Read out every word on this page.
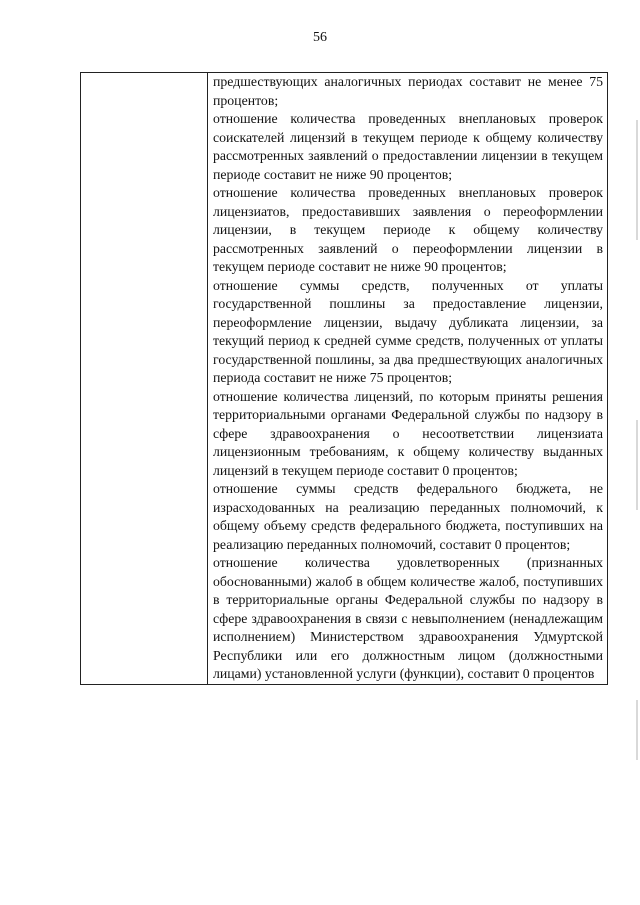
56

предшествующих аналогичных периодах составит не менее 75 процентов;

отношение количества проведенных внеплановых проверок соискателей лицензий в текущем периоде к общему количеству рассмотренных заявлений о предоставлении лицензии в текущем периоде составит не ниже 90 процентов;

отношение количества проведенных внеплановых проверок лицензиатов, предоставивших заявления о переоформлении лицензии, в текущем периоде к общему количеству рассмотренных заявлений о переоформлении лицензии в текущем периоде составит не ниже 90 процентов;

отношение суммы средств, полученных от уплаты государственной пошлины за предоставление лицензии, переоформление лицензии, выдачу дубликата лицензии, за текущий период к средней сумме средств, полученных от уплаты государственной пошлины, за два предшествующих аналогичных периода составит не ниже 75 процентов;

отношение количества лицензий, по которым приняты решения территориальными органами Федеральной службы по надзору в сфере здравоохранения о несоответствии лицензиата лицензионным требованиям, к общему количеству выданных лицензий в текущем периоде составит 0 процентов;

отношение суммы средств федерального бюджета, не израсходованных на реализацию переданных полномочий, к общему объему средств федерального бюджета, поступивших на реализацию переданных полномочий, составит 0 процентов;

отношение количества удовлетворенных (признанных обоснованными) жалоб в общем количестве жалоб, поступивших в территориальные органы Федеральной службы по надзору в сфере здравоохранения в связи с невыполнением (ненадлежащим исполнением) Министерством здравоохранения Удмуртской Республики или его должностным лицом (должностными лицами) установленной услуги (функции), составит 0 процентов
